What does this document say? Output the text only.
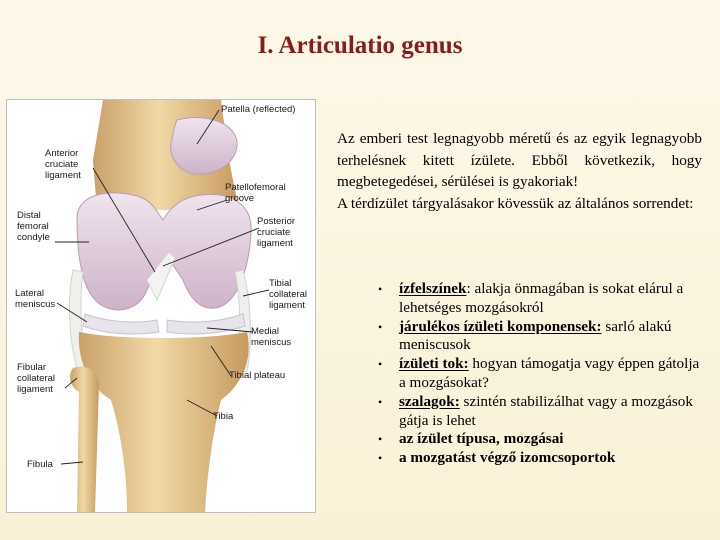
I. Articulatio genus
Patella (reflected)
Anterior
cruciate
ligament
Patellofemoral
groove
Distal
femoral
condyle
Posterior
cruciate
ligament
Lateral
meniscus
Tibial
collateral
ligament
Medial
meniscus
Fibular
collateral
ligament
Tibial plateau
Tibia
Fibula

Az emberi test legnagyobb méretű és az egyik legnagyobb terhelésnek kitett ízülete. Ebből következik, hogy megbetegedései, sérülései is gyakoriak!

A térdízület tárgyalásakor kövessük az általános sorrendet:

• ízfelszínek: alakja önmagában is sokat elárul a lehetséges mozgásokról
• járulékos ízületi komponensek: sarló alakú meniscusok
• ízületi tok: hogyan támogatja vagy éppen gátolja a mozgásokat?
• szalagok: szintén stabilizálhat vagy a mozgások gátja is lehet
• az ízület típusa, mozgásai
• a mozgatást végző izomcsoportok
